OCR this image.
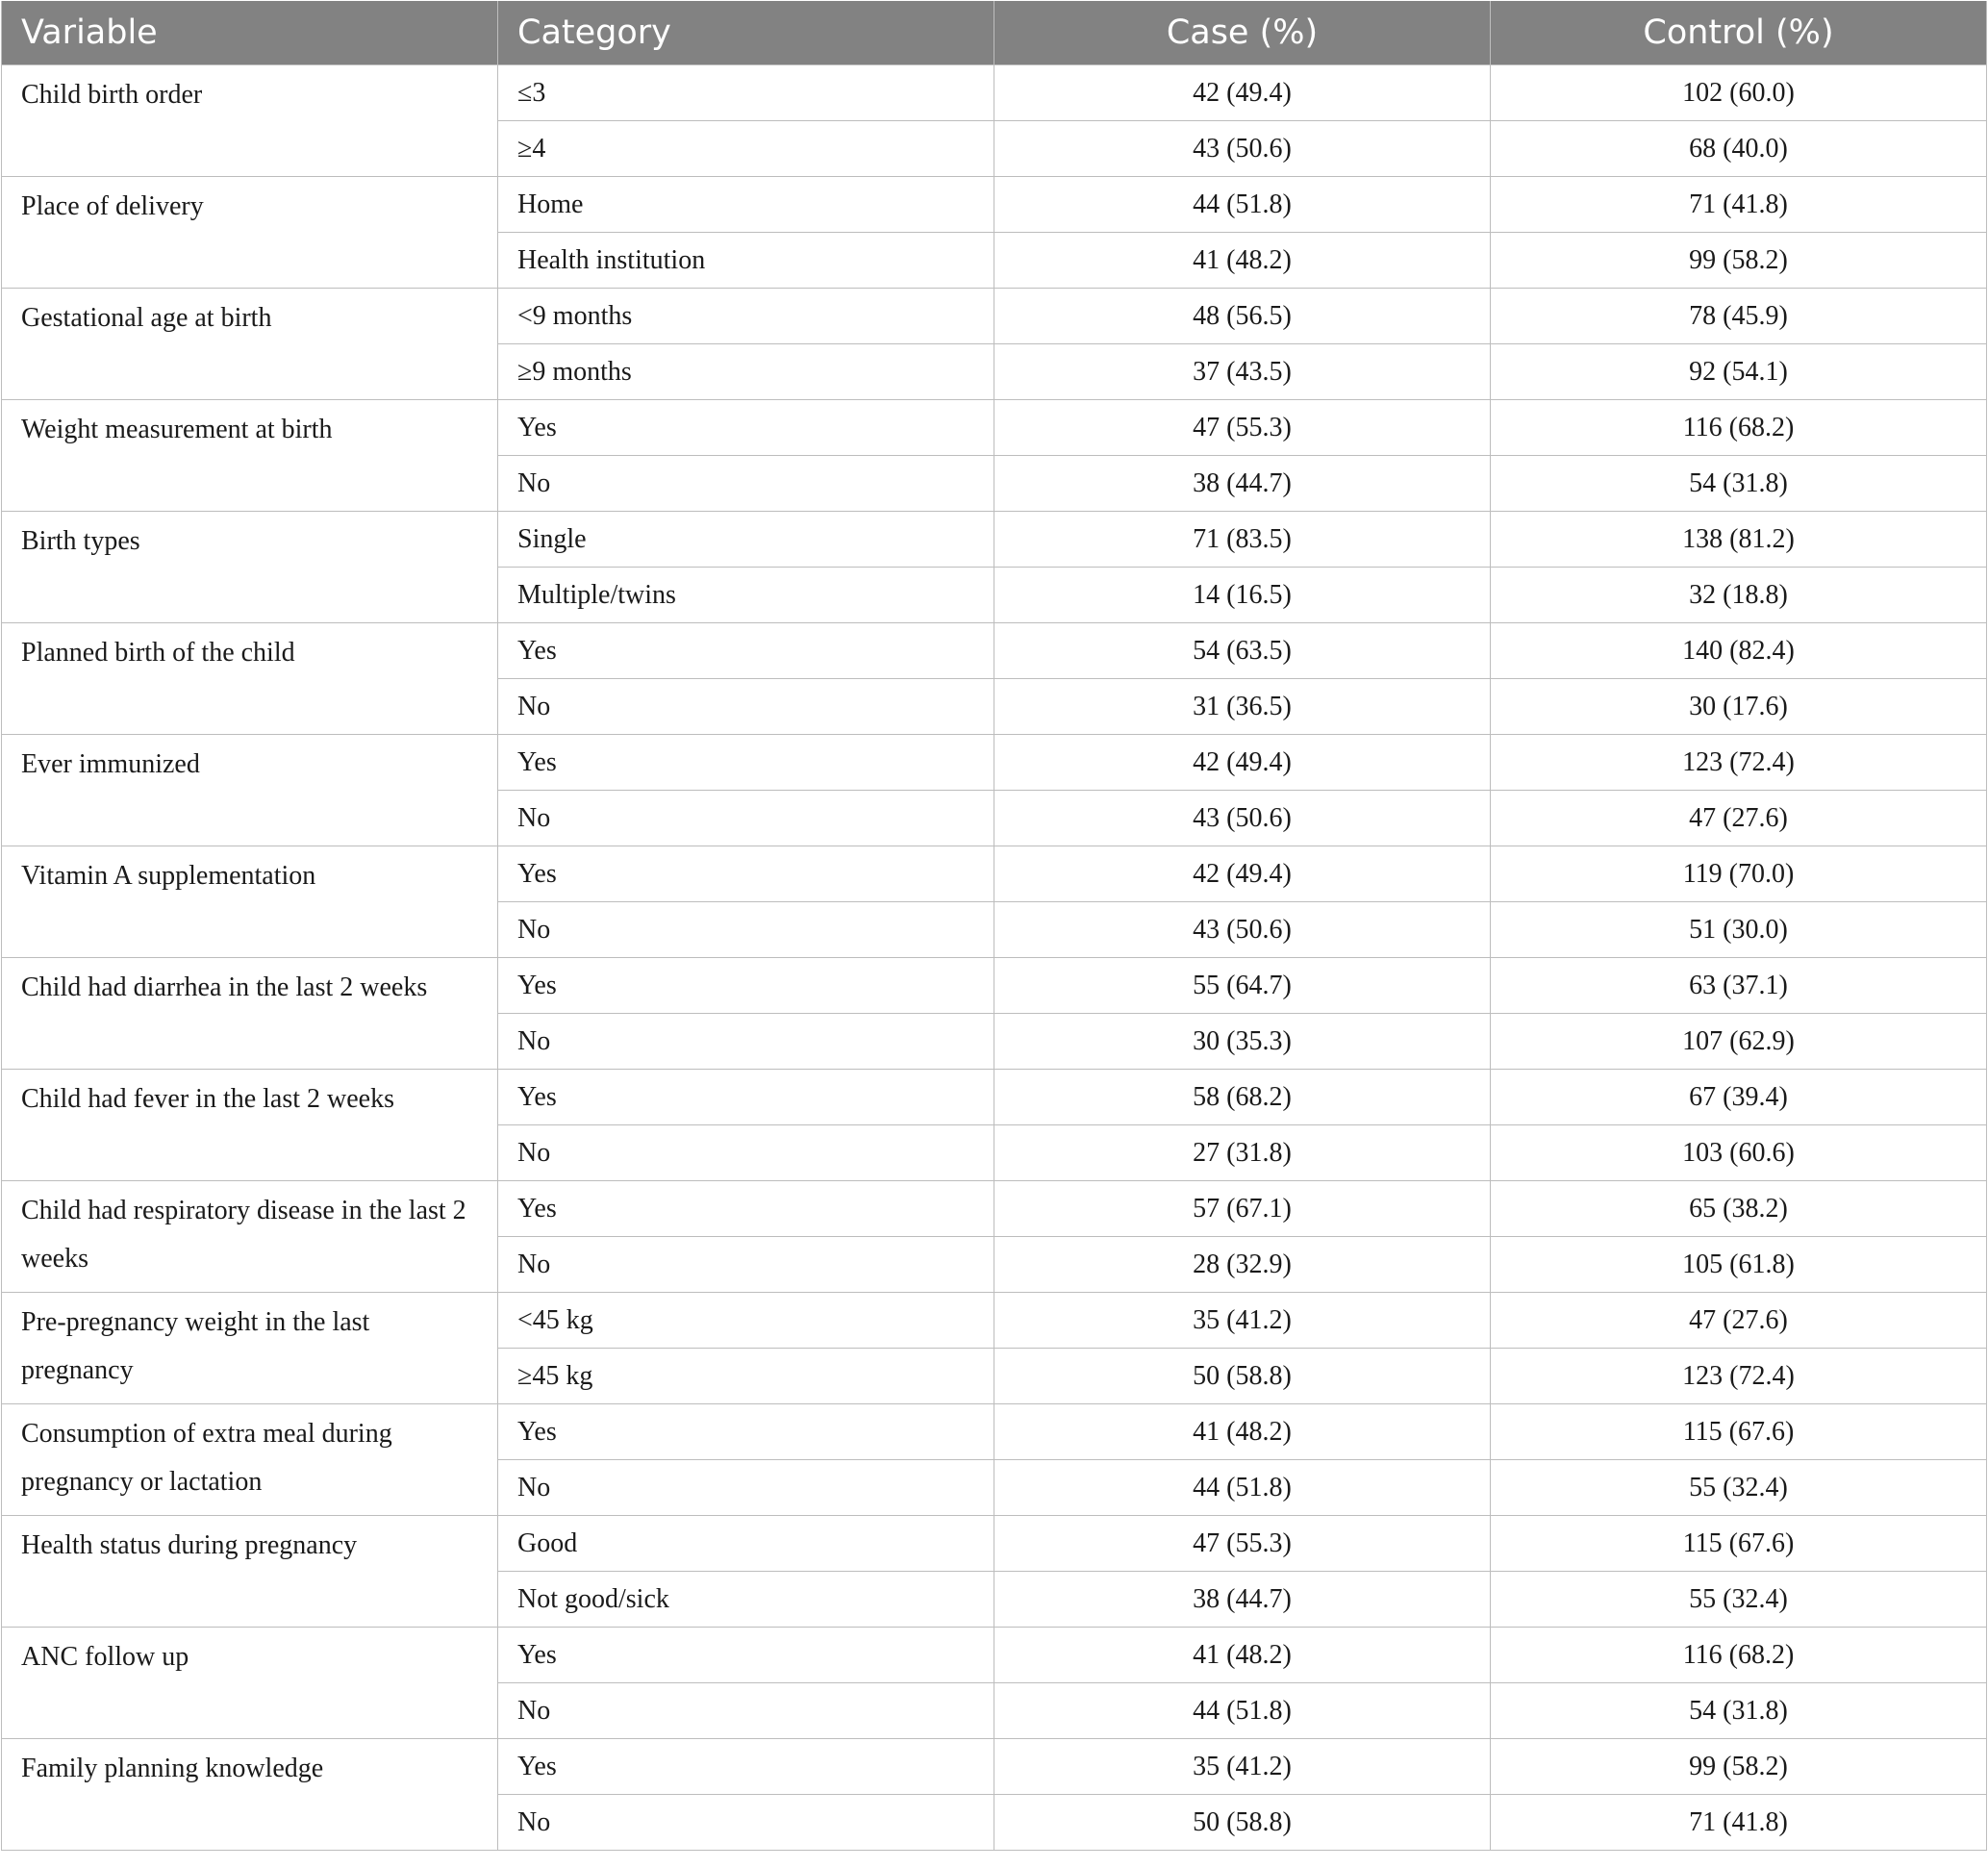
Variable	Category	Case (%)	Control (%)
Child birth order	≤3	42 (49.4)	102 (60.0)
	≥4	43 (50.6)	68 (40.0)
Place of delivery	Home	44 (51.8)	71 (41.8)
	Health institution	41 (48.2)	99 (58.2)
Gestational age at birth	<9 months	48 (56.5)	78 (45.9)
	≥9 months	37 (43.5)	92 (54.1)
Weight measurement at birth	Yes	47 (55.3)	116 (68.2)
	No	38 (44.7)	54 (31.8)
Birth types	Single	71 (83.5)	138 (81.2)
	Multiple/twins	14 (16.5)	32 (18.8)
Planned birth of the child	Yes	54 (63.5)	140 (82.4)
	No	31 (36.5)	30 (17.6)
Ever immunized	Yes	42 (49.4)	123 (72.4)
	No	43 (50.6)	47 (27.6)
Vitamin A supplementation	Yes	42 (49.4)	119 (70.0)
	No	43 (50.6)	51 (30.0)
Child had diarrhea in the last 2 weeks	Yes	55 (64.7)	63 (37.1)
	No	30 (35.3)	107 (62.9)
Child had fever in the last 2 weeks	Yes	58 (68.2)	67 (39.4)
	No	27 (31.8)	103 (60.6)
Child had respiratory disease in the last 2 weeks	Yes	57 (67.1)	65 (38.2)
	No	28 (32.9)	105 (61.8)
Pre-pregnancy weight in the last pregnancy	<45 kg	35 (41.2)	47 (27.6)
	≥45 kg	50 (58.8)	123 (72.4)
Consumption of extra meal during pregnancy or lactation	Yes	41 (48.2)	115 (67.6)
	No	44 (51.8)	55 (32.4)
Health status during pregnancy	Good	47 (55.3)	115 (67.6)
	Not good/sick	38 (44.7)	55 (32.4)
ANC follow up	Yes	41 (48.2)	116 (68.2)
	No	44 (51.8)	54 (31.8)
Family planning knowledge	Yes	35 (41.2)	99 (58.2)
	No	50 (58.8)	71 (41.8)
